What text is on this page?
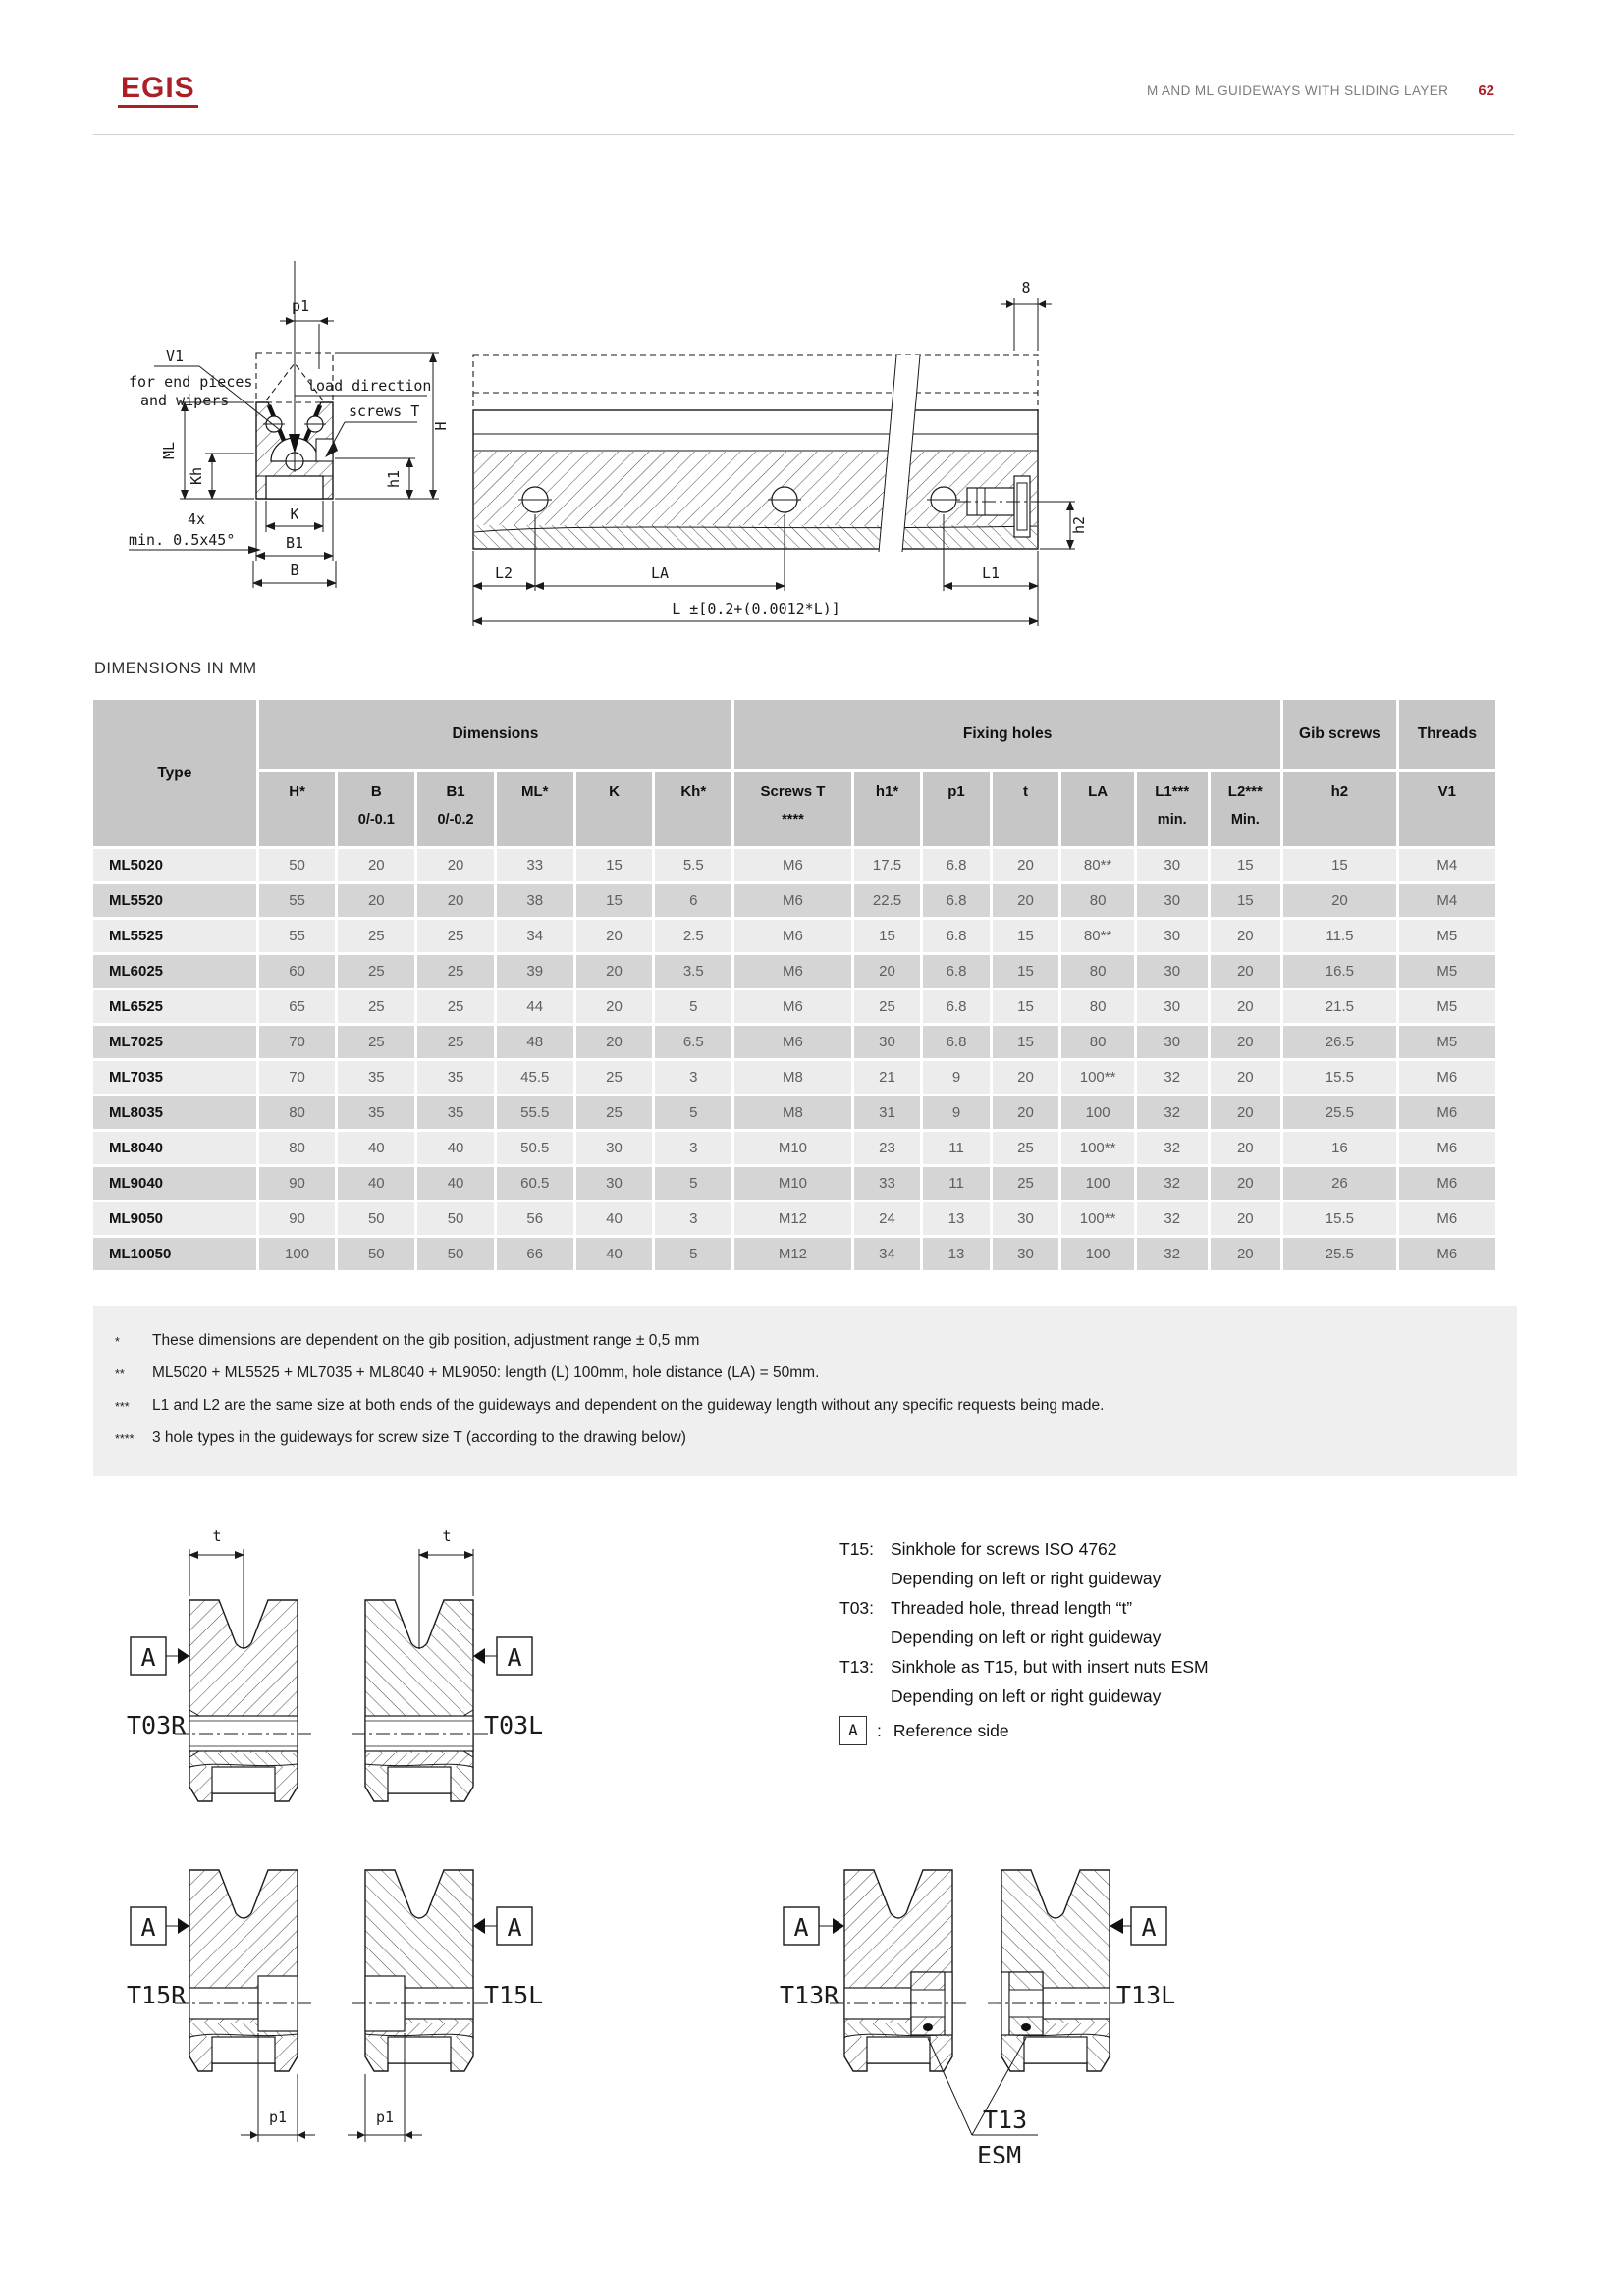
EGIS	M AND ML GUIDEWAYS WITH SLIDING LAYER 62
load direction
p1
V1
for end pieces
and wipers
screws T
ML
Kh
H
h1
4x
min. 0.5x45°
K
B1
B
8
h2
L2	LA	L1
L ±[0.2+(0.0012*L)]
DIMENSIONS IN MM
Type	Dimensions						Fixing holes							Gib screws	Threads

H*	B
0/-0.1

B1
0/-0.2

ML*	K	Kh*	Screws T
****

h1*	p1	t	LA	L1***
min.

L2***
Min.

h2	V1

ML5020	50	20	20	33	15	5.5	M6	17.5	6.8	20	80**	30	15	15	M4
ML5520	55	20	20	38	15	6	M6	22.5	6.8	20	80	30	15	20	M4
ML5525	55	25	25	34	20	2.5	M6	15	6.8	15	80**	30	20	11.5	M5
ML6025	60	25	25	39	20	3.5	M6	20	6.8	15	80	30	20	16.5	M5
ML6525	65	25	25	44	20	5	M6	25	6.8	15	80	30	20	21.5	M5
ML7025	70	25	25	48	20	6.5	M6	30	6.8	15	80	30	20	26.5	M5
ML7035	70	35	35	45.5	25	3	M8	21	9	20	100**	32	20	15.5	M6
ML8035	80	35	35	55.5	25	5	M8	31	9	20	100	32	20	25.5	M6
ML8040	80	40	40	50.5	30	3	M10	23	11	25	100**	32	20	16	M6
ML9040	90	40	40	60.5	30	5	M10	33	11	25	100	32	20	26	M6
ML9050	90	50	50	56	40	3	M12	24	13	30	100**	32	20	15.5	M6
ML10050	100	50	50	66	40	5	M12	34	13	30	100	32	20	25.5	M6
*	These dimensions are dependent on the gib position, adjustment range ± 0,5 mm
**	ML5020 + ML5525 + ML7035 + ML8040 + ML9050: length (L) 100mm, hole distance (LA) = 50mm.
***	L1 and L2 are the same size at both ends of the guideways and dependent on the guideway length without any specific requests being made.
****	3 hole types in the guideways for screw size T (according to the drawing below)
t
A
T03R
t
A
T03L
A
T15R
p1
A
T15L
p1
A
T13R
A
T13L
T13
ESM
T15: Sinkhole for screws ISO 4762
Depending on left or right guideway
T03: Threaded hole, thread length “t”
Depending on left or right guideway
T13: Sinkhole as T15, but with insert nuts ESM
Depending on left or right guideway
A	: Reference side
